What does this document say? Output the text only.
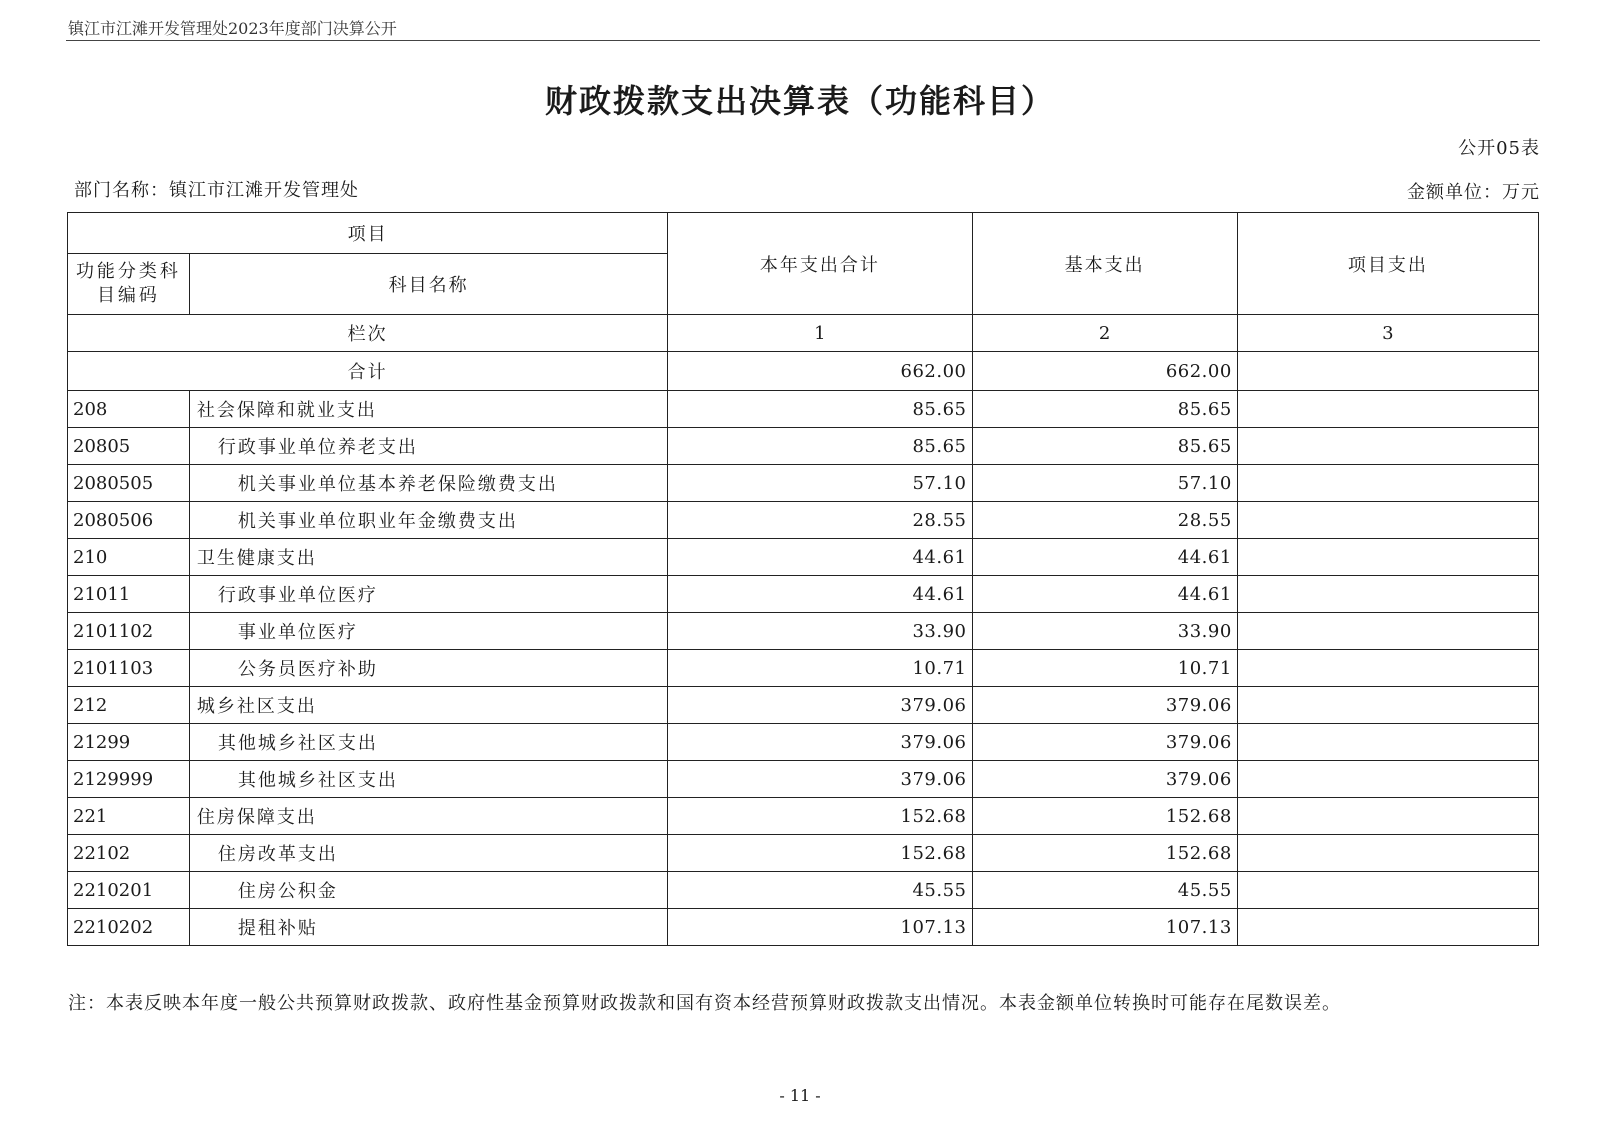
镇江市江滩开发管理处2023年度部门决算公开
财政拨款支出决算表（功能科目）
公开05表
部门名称：镇江市江滩开发管理处	金额单位：万元
项目		本年支出合计	基本支出	项目支出
功能分类科目编码	科目名称			
栏次		1	2	3
合计		662.00	662.00	
208	社会保障和就业支出	85.65	85.65	
20805	行政事业单位养老支出	85.65	85.65	
2080505	机关事业单位基本养老保险缴费支出	57.10	57.10	
2080506	机关事业单位职业年金缴费支出	28.55	28.55	
210	卫生健康支出	44.61	44.61	
21011	行政事业单位医疗	44.61	44.61	
2101102	事业单位医疗	33.90	33.90	
2101103	公务员医疗补助	10.71	10.71	
212	城乡社区支出	379.06	379.06	
21299	其他城乡社区支出	379.06	379.06	
2129999	其他城乡社区支出	379.06	379.06	
221	住房保障支出	152.68	152.68	
22102	住房改革支出	152.68	152.68	
2210201	住房公积金	45.55	45.55	
2210202	提租补贴	107.13	107.13	
注：本表反映本年度一般公共预算财政拨款、政府性基金预算财政拨款和国有资本经营预算财政拨款支出情况。本表金额单位转换时可能存在尾数误差。
- 11 -
